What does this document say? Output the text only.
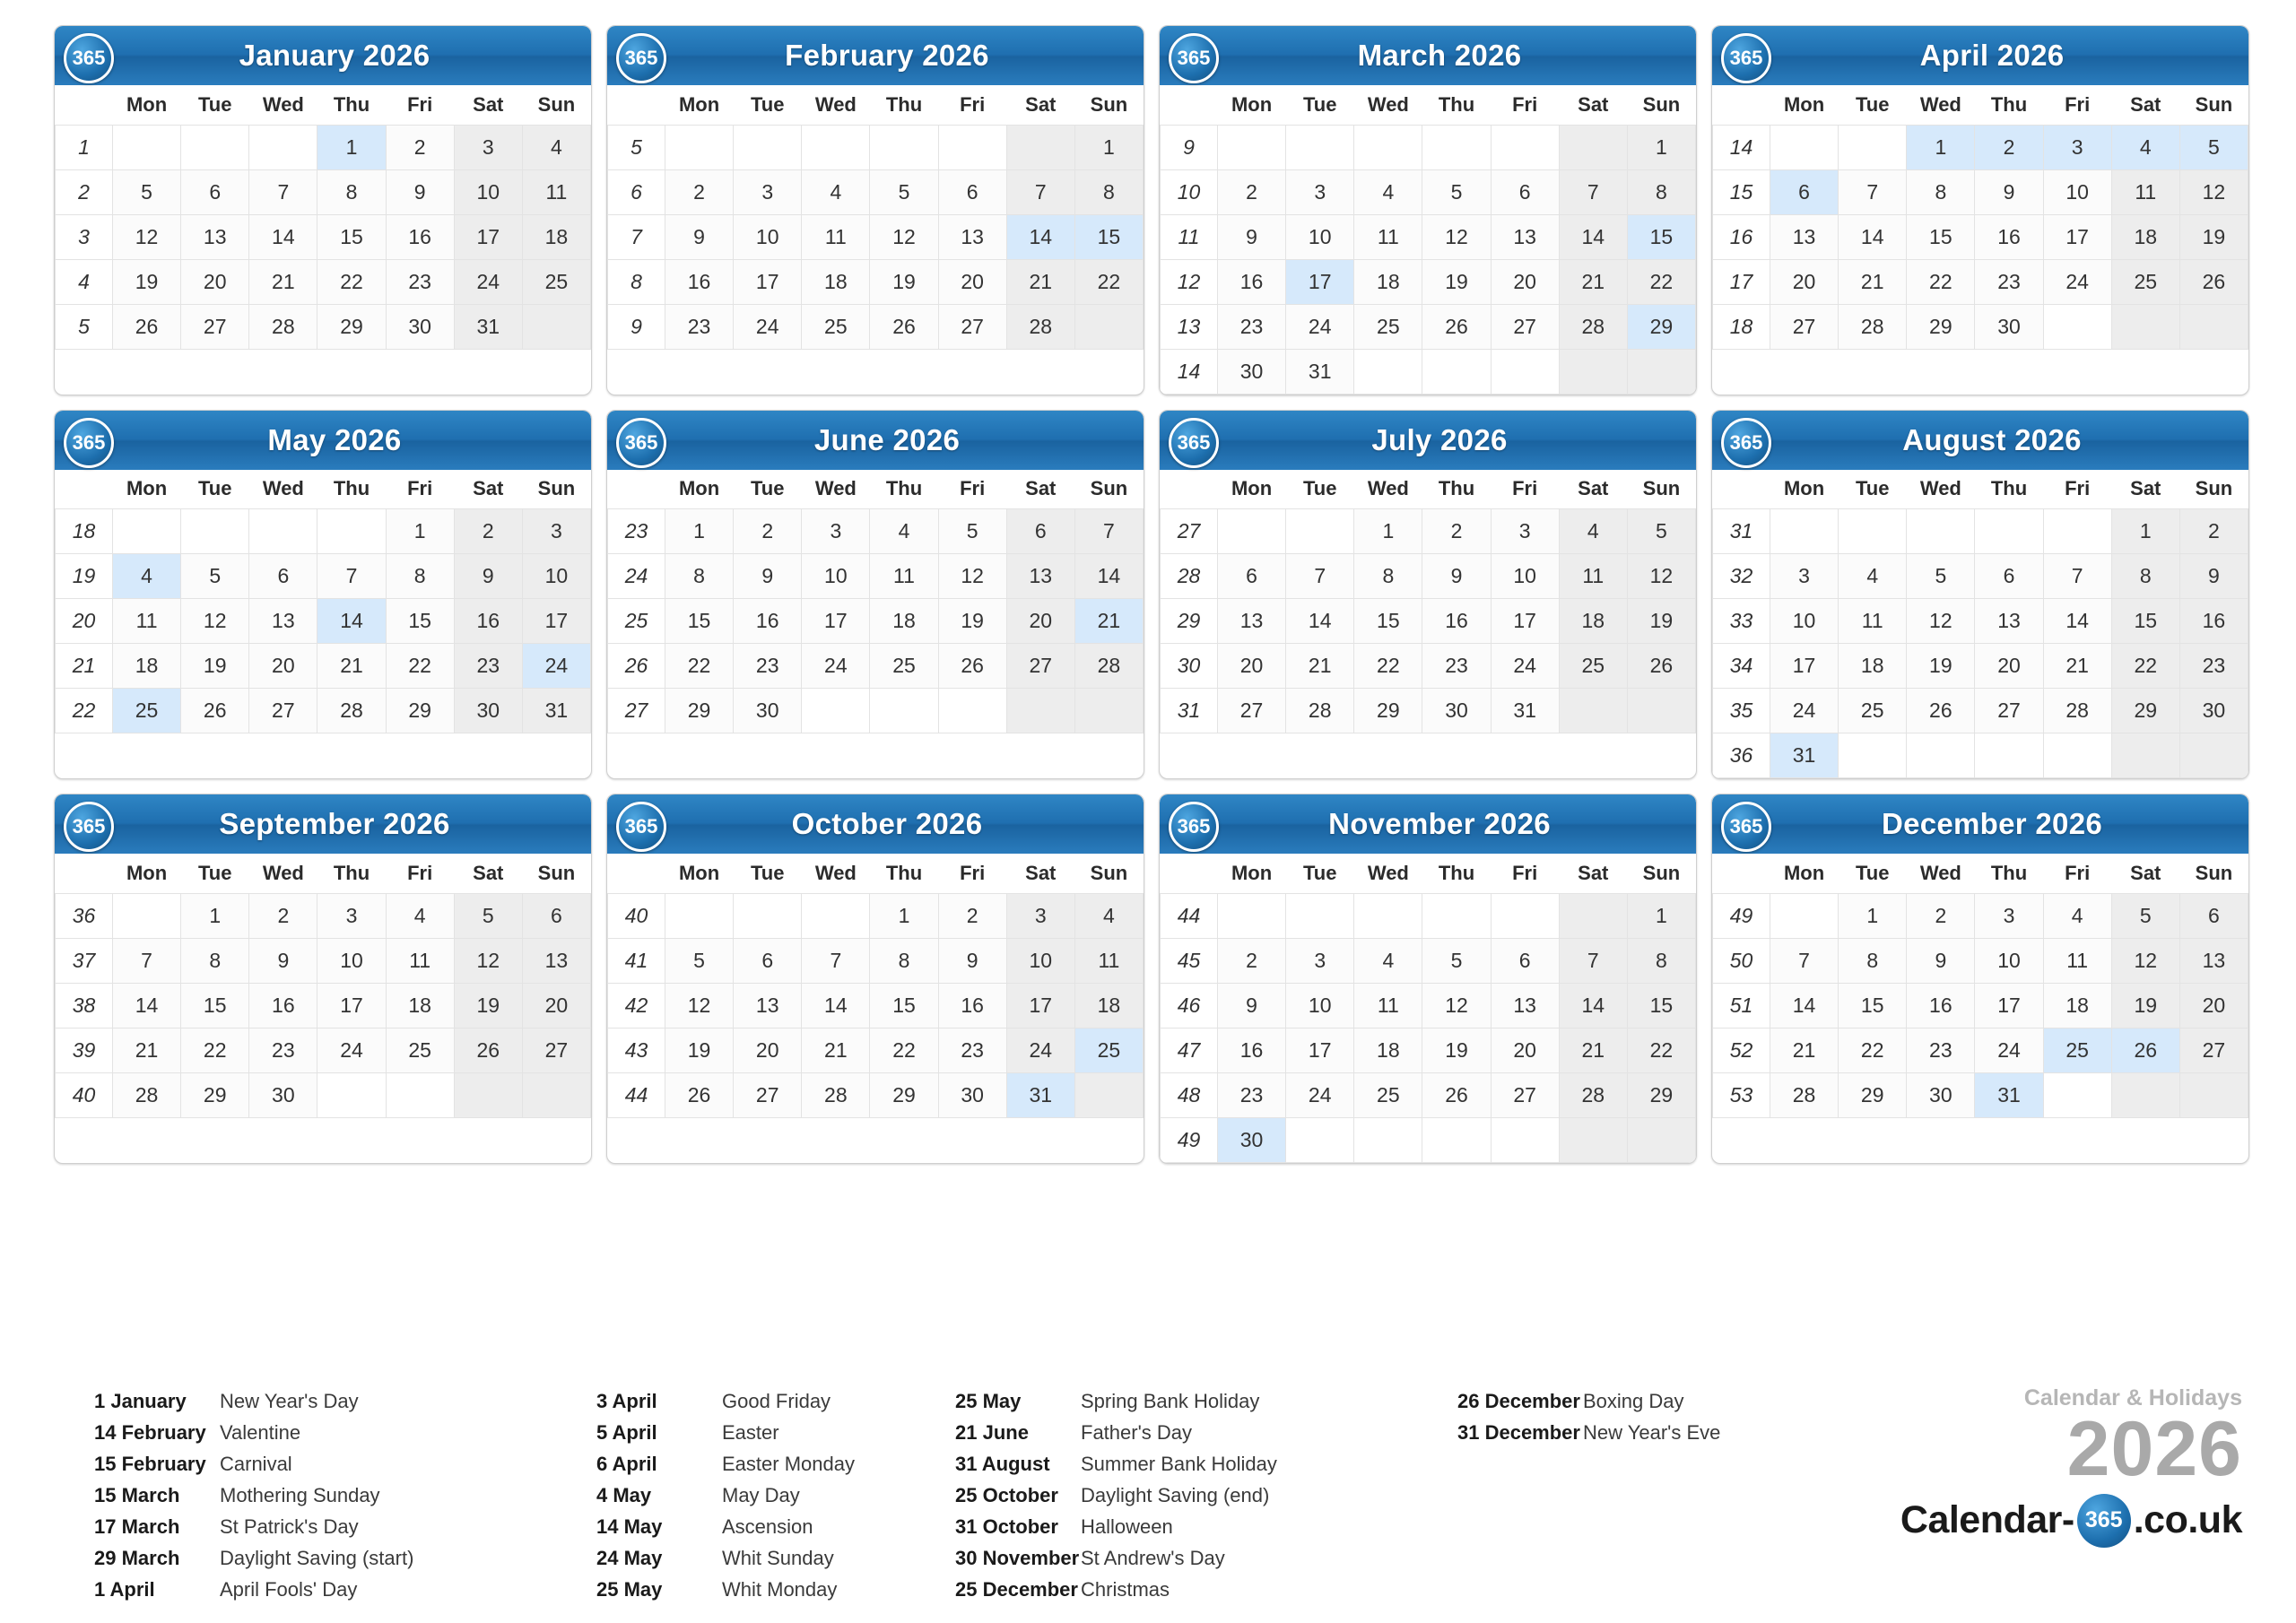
365	January 2026
	Mon	Tue	Wed	Thu	Fri	Sat	Sun
1				1	2	3	4
2	5	6	7	8	9	10	11
3	12	13	14	15	16	17	18
4	19	20	21	22	23	24	25
5	26	27	28	29	30	31	
365	February 2026
	Mon	Tue	Wed	Thu	Fri	Sat	Sun
5							1
6	2	3	4	5	6	7	8
7	9	10	11	12	13	14	15
8	16	17	18	19	20	21	22
9	23	24	25	26	27	28	
365	March 2026
	Mon	Tue	Wed	Thu	Fri	Sat	Sun
9							1
10	2	3	4	5	6	7	8
11	9	10	11	12	13	14	15
12	16	17	18	19	20	21	22
13	23	24	25	26	27	28	29
14	30	31					
365	April 2026
	Mon	Tue	Wed	Thu	Fri	Sat	Sun
14			1	2	3	4	5
15	6	7	8	9	10	11	12
16	13	14	15	16	17	18	19
17	20	21	22	23	24	25	26
18	27	28	29	30			
365	May 2026
	Mon	Tue	Wed	Thu	Fri	Sat	Sun
18					1	2	3
19	4	5	6	7	8	9	10
20	11	12	13	14	15	16	17
21	18	19	20	21	22	23	24
22	25	26	27	28	29	30	31
365	June 2026
	Mon	Tue	Wed	Thu	Fri	Sat	Sun
23	1	2	3	4	5	6	7
24	8	9	10	11	12	13	14
25	15	16	17	18	19	20	21
26	22	23	24	25	26	27	28
27	29	30					
365	July 2026
	Mon	Tue	Wed	Thu	Fri	Sat	Sun
27			1	2	3	4	5
28	6	7	8	9	10	11	12
29	13	14	15	16	17	18	19
30	20	21	22	23	24	25	26
31	27	28	29	30	31		
365	August 2026
	Mon	Tue	Wed	Thu	Fri	Sat	Sun
31						1	2
32	3	4	5	6	7	8	9
33	10	11	12	13	14	15	16
34	17	18	19	20	21	22	23
35	24	25	26	27	28	29	30
36	31						
365	September 2026
	Mon	Tue	Wed	Thu	Fri	Sat	Sun
36		1	2	3	4	5	6
37	7	8	9	10	11	12	13
38	14	15	16	17	18	19	20
39	21	22	23	24	25	26	27
40	28	29	30				
365	October 2026
	Mon	Tue	Wed	Thu	Fri	Sat	Sun
40				1	2	3	4
41	5	6	7	8	9	10	11
42	12	13	14	15	16	17	18
43	19	20	21	22	23	24	25
44	26	27	28	29	30	31	
365	November 2026
	Mon	Tue	Wed	Thu	Fri	Sat	Sun
44							1
45	2	3	4	5	6	7	8
46	9	10	11	12	13	14	15
47	16	17	18	19	20	21	22
48	23	24	25	26	27	28	29
49	30						
365	December 2026
	Mon	Tue	Wed	Thu	Fri	Sat	Sun
49		1	2	3	4	5	6
50	7	8	9	10	11	12	13
51	14	15	16	17	18	19	20
52	21	22	23	24	25	26	27
53	28	29	30	31			
1 January	New Year's Day
14 February Valentine
15 February Carnival
15 March	Mothering Sunday
17 March	St Patrick's Day
29 March	Daylight Saving (start)
1 April	April Fools' Day
3 April	Good Friday
5 April	Easter
6 April	Easter Monday
4 May	May Day
14 May	Ascension
24 May	Whit Sunday
25 May	Whit Monday
25 May	Spring Bank Holiday
21 June	Father's Day
31 August	Summer Bank Holiday
25 October	Daylight Saving (end)
31 October	Halloween
30 November St Andrew's Day
25 December Christmas
26 December Boxing Day
31 December New Year's Eve
Calendar & Holidays
2026
Calendar- 365 .co.uk
